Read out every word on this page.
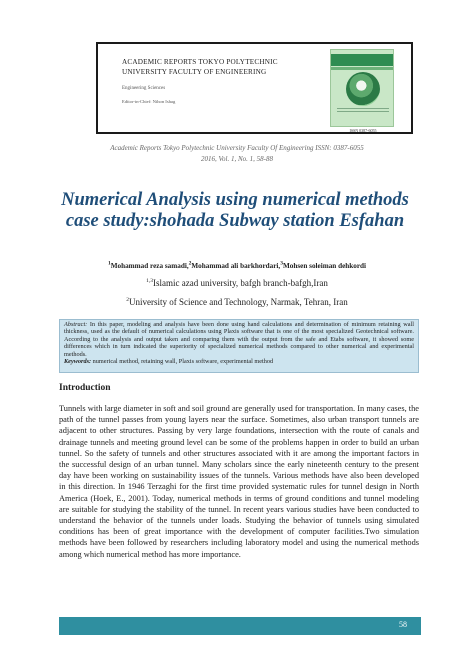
ACADEMIC REPORTS TOKYO POLYTECHNIC
UNIVERSITY FACULTY OF ENGINEERING
Engineering Sciences
Editor-in-Chief: Nihon Ishag
ISSN 0387-6055
Academic Reports Tokyo Polytechnic University Faculty Of Engineering ISSN: 0387-6055
2016, Vol. 1, No. 1, 58-88
Numerical Analysis using numerical methods case study:shohada Subway station Esfahan
$^1$Mohammad reza samadi,$^2$Mohammad ali barkhordari,$^3$Mohsen soleiman dehkordi
$^{1,3}$Islamic azad university, bafgh branch-bafgh,Iran
$^2$University of Science and Technology, Narmak, Tehran, Iran
Abstract: In this paper, modeling and analysis have been done using hand calculations and determination of minimum retaining wall thickness, used as the default of numerical calculations using Plaxis software that is one of the most specialized Geotechnical software. According to the analysis and output taken and comparing them with the output from the safe and Etabs software, it showed some differences which in turn indicated the superiority of specialized numerical methods compared to other numerical and experimental methods.
Keywords: numerical method, retaining wall, Plaxis software, experimental method
Introduction
Tunnels with large diameter in soft and soil ground are generally used for transportation. In many cases, the path of the tunnel passes from young layers near the surface. Sometimes, also urban transport tunnels are adjacent to other structures. Passing by very large foundations, intersection with the route of canals and drainage tunnels and meeting ground level can be some of the problems happen in order to build an urban tunnel. So the safety of tunnels and other structures associated with it are among the important factors in the successful design of an urban tunnel. Many scholars since the early nineteenth century to the present day have been working on sustainability issues of the tunnels. Various methods have also been developed in this direction. In 1946 Terzaghi for the first time provided systematic rules for tunnel design in North America (Hoek, E., 2001). Today, numerical methods in terms of ground conditions and tunnel modeling are suitable for studying the stability of the tunnel. In recent years various studies have been conducted to understand the behavior of the tunnels under loads. Studying the behavior of tunnels using simulated conditions has been of great importance with the development of computer facilities.Two simulation methods have been followed by researchers including laboratory model and using the numerical methods among which numerical method has more importance.
58
